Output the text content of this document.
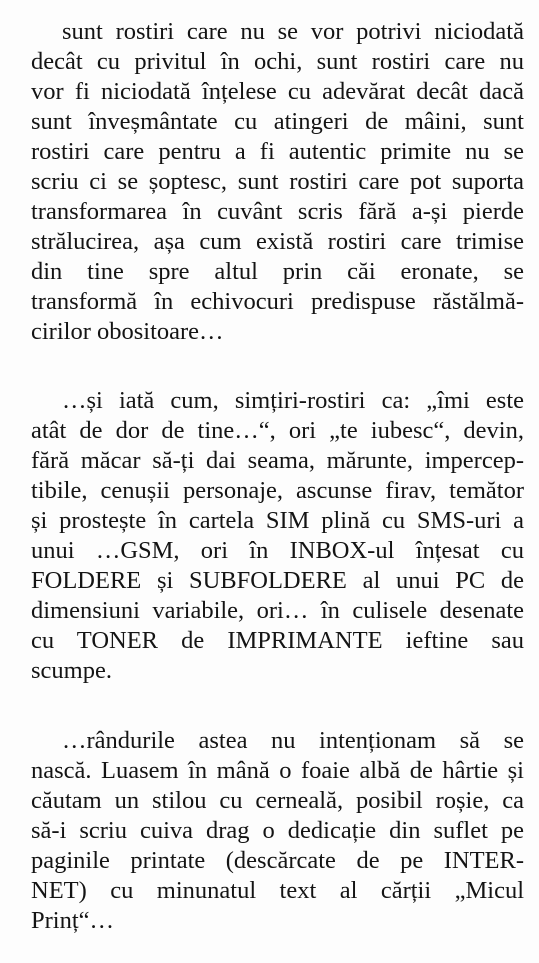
sunt rostiri care nu se vor potrivi niciodată
decât cu privitul în ochi, sunt rostiri care nu
vor fi niciodată înțelese cu adevărat decât dacă
sunt înveșmântate cu atingeri de mâini, sunt
rostiri care pentru a fi autentic primite nu se
scriu ci se șoptesc, sunt rostiri care pot suporta
transformarea în cuvânt scris fără a-și pierde
strălucirea, așa cum există rostiri care trimise
din tine spre altul prin căi eronate, se
transformă în echivocuri predispuse răstălmă-
cirilor obositoare…
…și iată cum, simțiri-rostiri ca: „îmi este
atât de dor de tine…“, ori „te iubesc“, devin,
fără măcar să-ți dai seama, mărunte, impercep-
tibile, cenușii personaje, ascunse firav, temător
și prostește în cartela SIM plină cu SMS-uri a
unui …GSM, ori în INBOX-ul înțesat cu
FOLDERE și SUBFOLDERE al unui PC de
dimensiuni variabile, ori… în culisele desenate
cu TONER de IMPRIMANTE ieftine sau
scumpe.
…rândurile astea nu intenționam să se
nască. Luasem în mână o foaie albă de hârtie și
căutam un stilou cu cerneală, posibil roșie, ca
să-i scriu cuiva drag o dedicație din suflet pe
paginile printate (descărcate de pe INTER-
NET) cu minunatul text al cărții „Micul
Prinț“…
